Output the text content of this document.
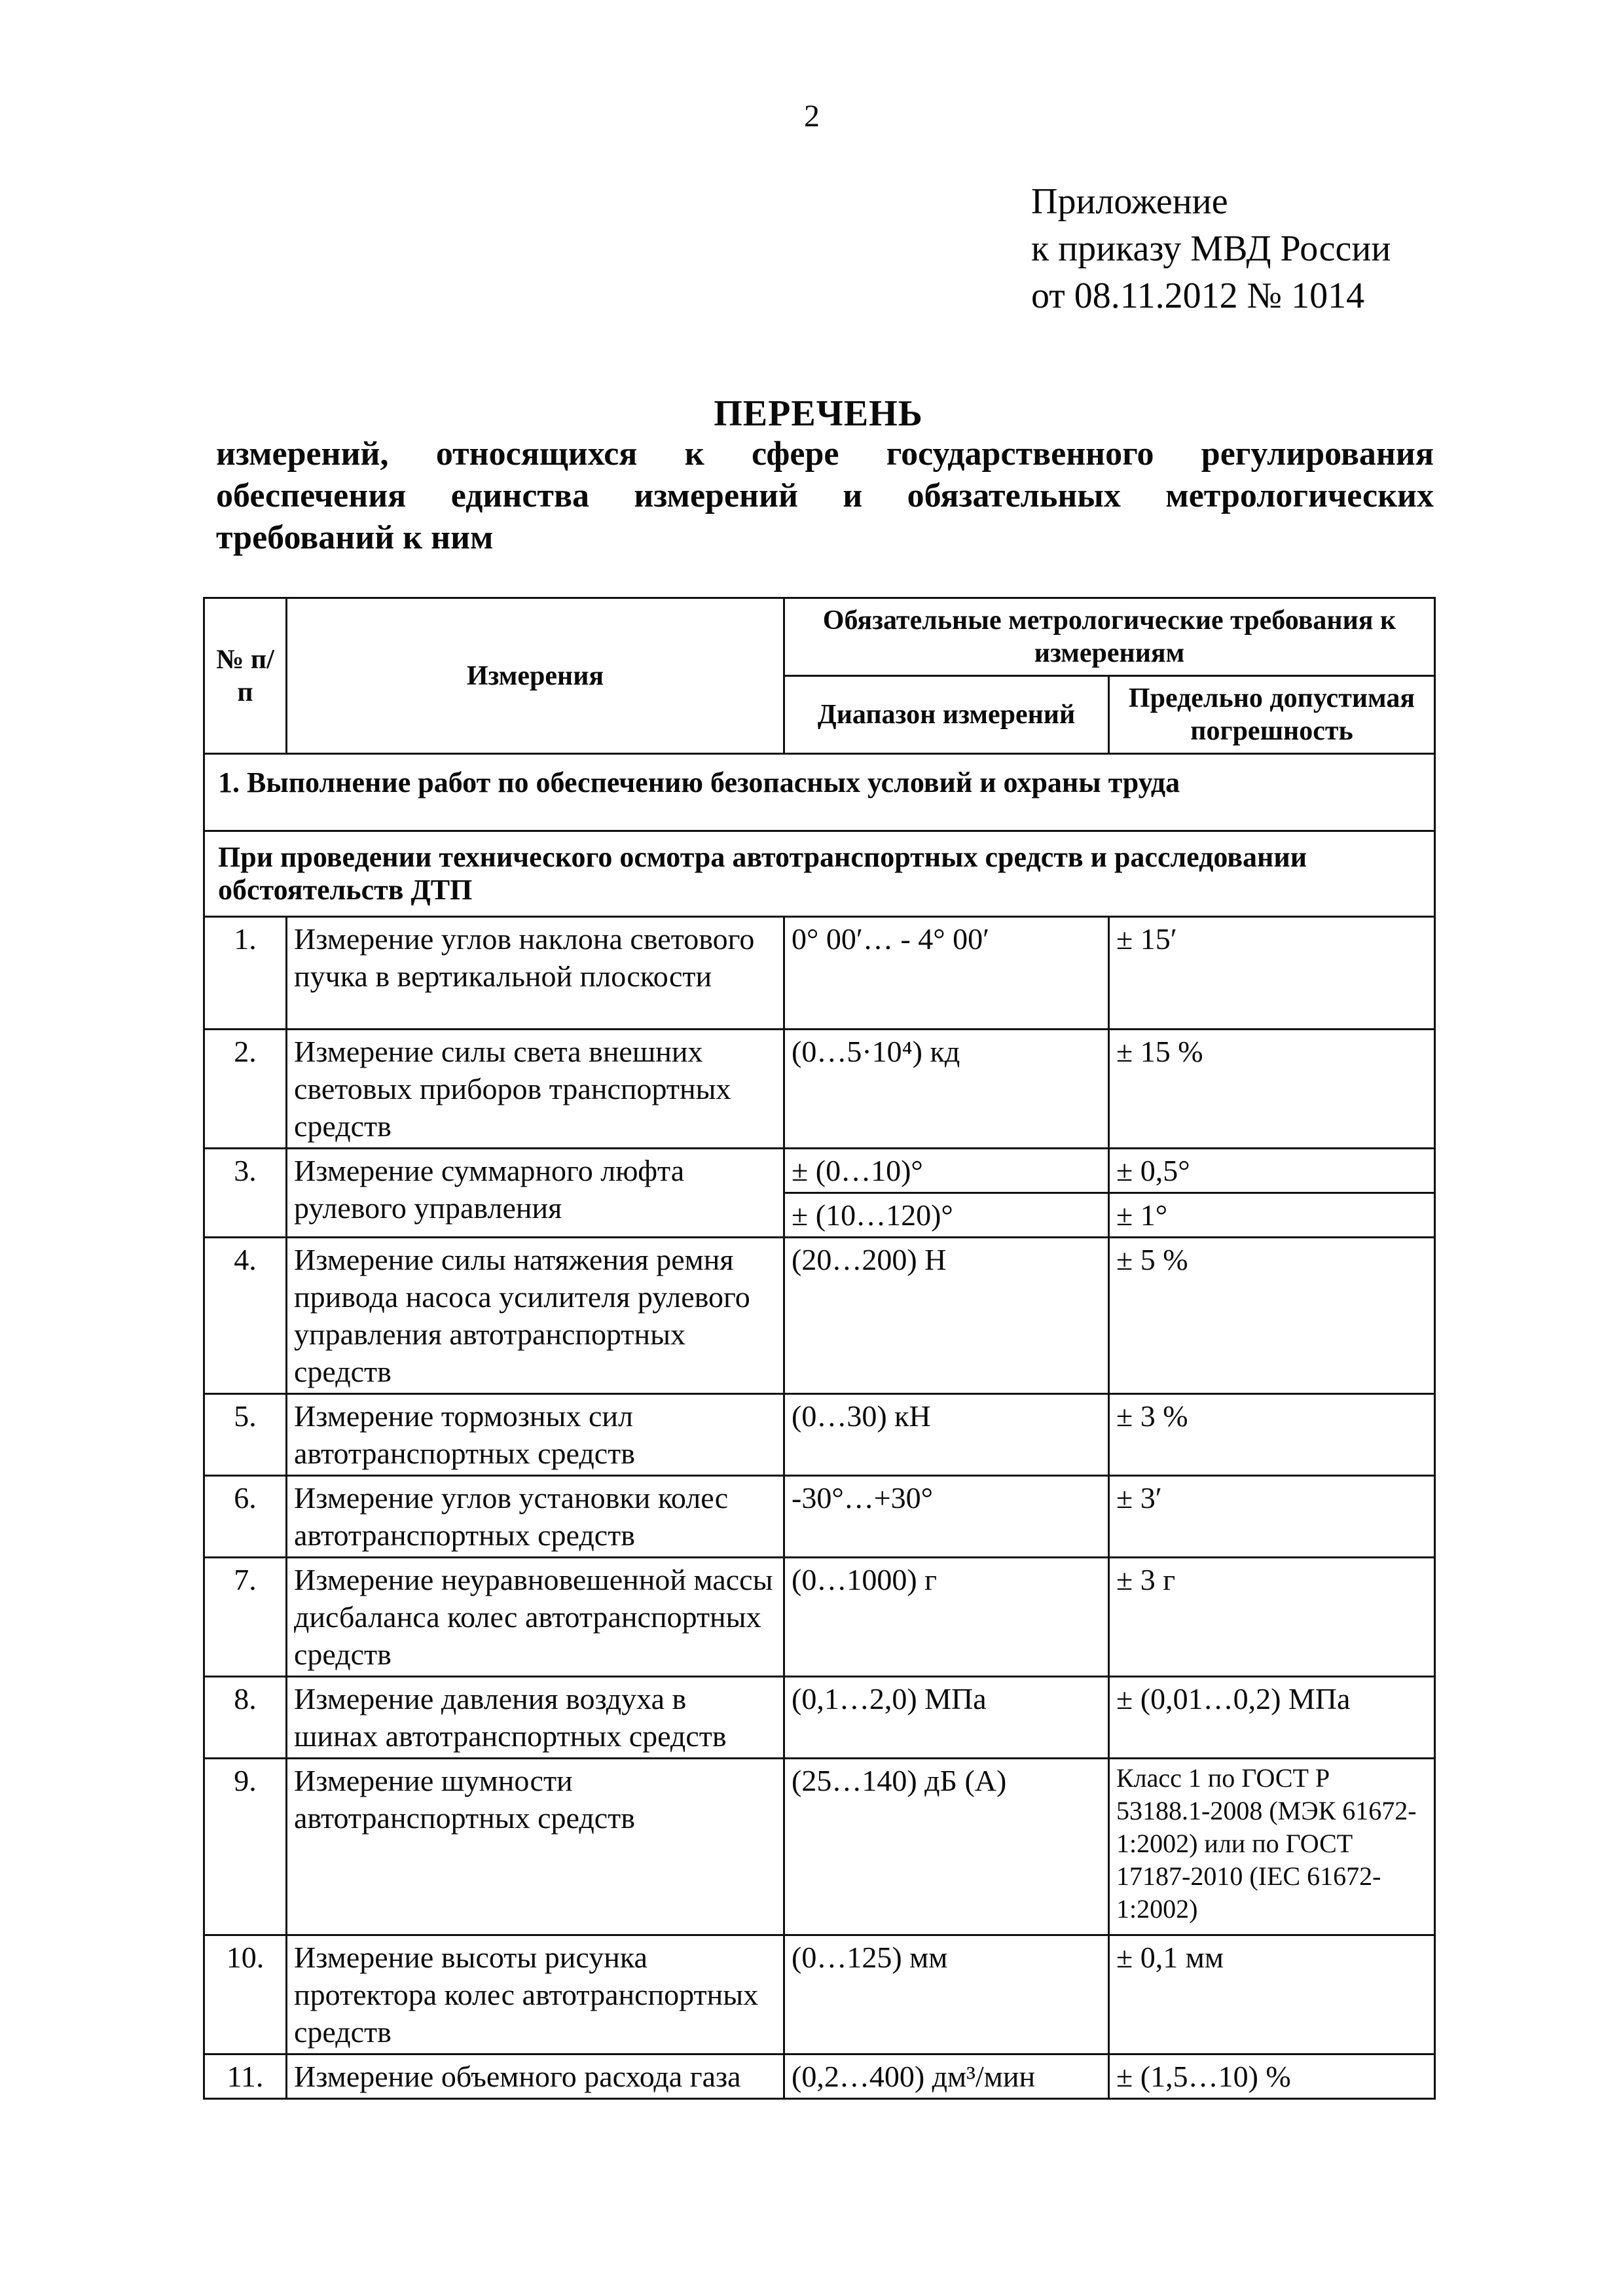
2
Приложение
к приказу МВД России
от 08.11.2012 № 1014
ПЕРЕЧЕНЬ
измерений, относящихся к сфере государственного регулирования
обеспечения единства измерений и обязательных метрологических
требований к ним
№ п/п	Измерения	Обязательные метрологические требования к измерениям	
		Диапазон измерений	Предельно допустимая погрешность
1. Выполнение работ по обеспечению безопасных условий и охраны труда			
При проведении технического осмотра автотранспортных средств и расследовании обстоятельств ДТП			
1.	Измерение углов наклона светового пучка в вертикальной плоскости	0° 00′… - 4° 00′	± 15′
2.	Измерение силы света внешних световых приборов транспортных средств	(0…5·10⁴) кд	± 15 %
3.	Измерение суммарного люфта рулевого управления	± (0…10)°	± 0,5°
		± (10…120)°	± 1°
4.	Измерение силы натяжения ремня привода насоса усилителя рулевого управления автотранспортных средств	(20…200) Н	± 5 %
5.	Измерение тормозных сил автотранспортных средств	(0…30) кН	± 3 %
6.	Измерение углов установки колес автотранспортных средств	-30°…+30°	± 3′
7.	Измерение неуравновешенной массы дисбаланса колес автотранспортных средств	(0…1000) г	± 3 г
8.	Измерение давления воздуха в шинах автотранспортных средств	(0,1…2,0) МПа	± (0,01…0,2) МПа
9.	Измерение шумности автотранспортных средств	(25…140) дБ (А)	Класс 1 по ГОСТ Р 53188.1-2008 (МЭК 61672-1:2002) или по ГОСТ 17187-2010 (IEC 61672-1:2002)
10.	Измерение высоты рисунка протектора колес автотранспортных средств	(0…125) мм	± 0,1 мм
11.	Измерение объемного расхода газа	(0,2…400) дм³/мин	± (1,5…10) %
